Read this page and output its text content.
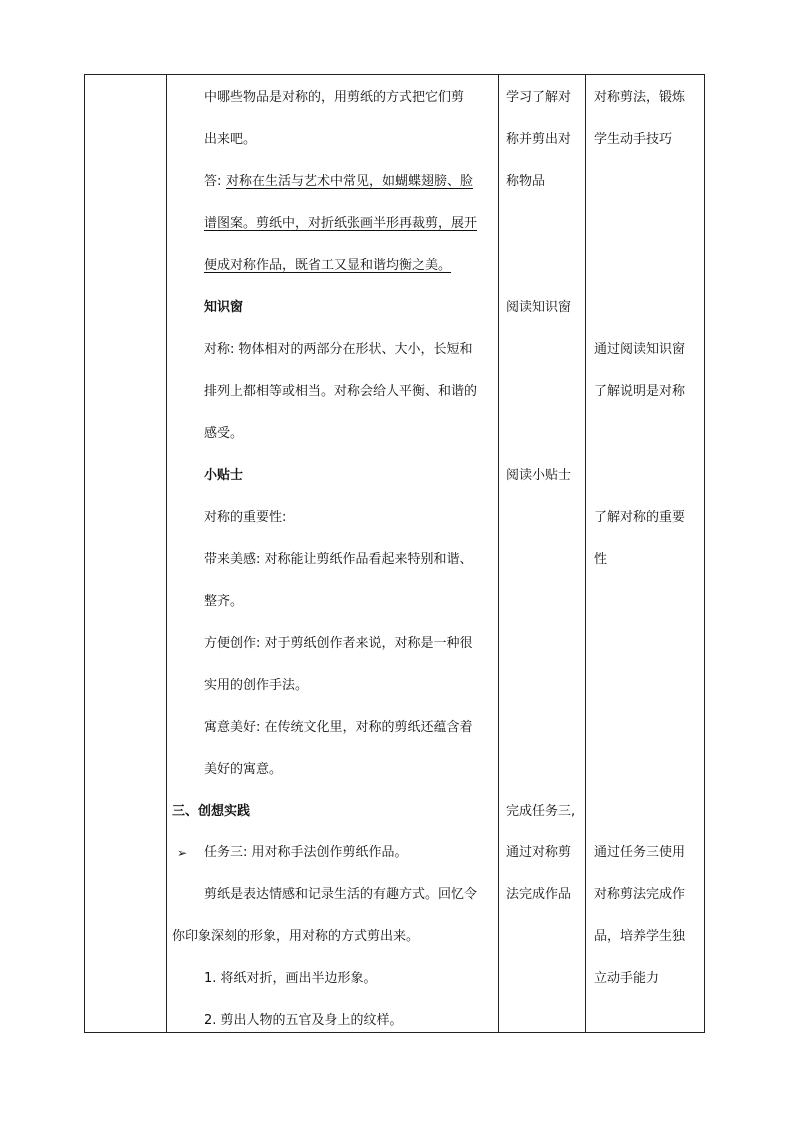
中哪些物品是对称的，用剪纸的方式把它们剪
出来吧。
答: 对称在生活与艺术中常见，如蝴蝶翅膀、脸
谱图案。剪纸中，对折纸张画半形再裁剪，展开
便成对称作品，既省工又显和谐均衡之美。
知识窗
对称: 物体相对的两部分在形状、大小，长短和
排列上都相等或相当。对称会给人平衡、和谐的
感受。
小贴士
对称的重要性:
带来美感: 对称能让剪纸作品看起来特别和谐、
整齐。
方便创作: 对于剪纸创作者来说，对称是一种很
实用的创作手法。
寓意美好: 在传统文化里，对称的剪纸还蕴含着
美好的寓意。
三、创想实践
➢ 任务三: 用对称手法创作剪纸作品。
剪纸是表达情感和记录生活的有趣方式。回忆令
你印象深刻的形象，用对称的方式剪出来。
1. 将纸对折，画出半边形象。
2. 剪出人物的五官及身上的纹样。
学习了解对
称并剪出对
称物品
阅读知识窗
阅读小贴士
完成任务三,
通过对称剪
法完成作品
对称剪法，锻炼
学生动手技巧
通过阅读知识窗
了解说明是对称
了解对称的重要
性
通过任务三使用
对称剪法完成作
品，培养学生独
立动手能力
